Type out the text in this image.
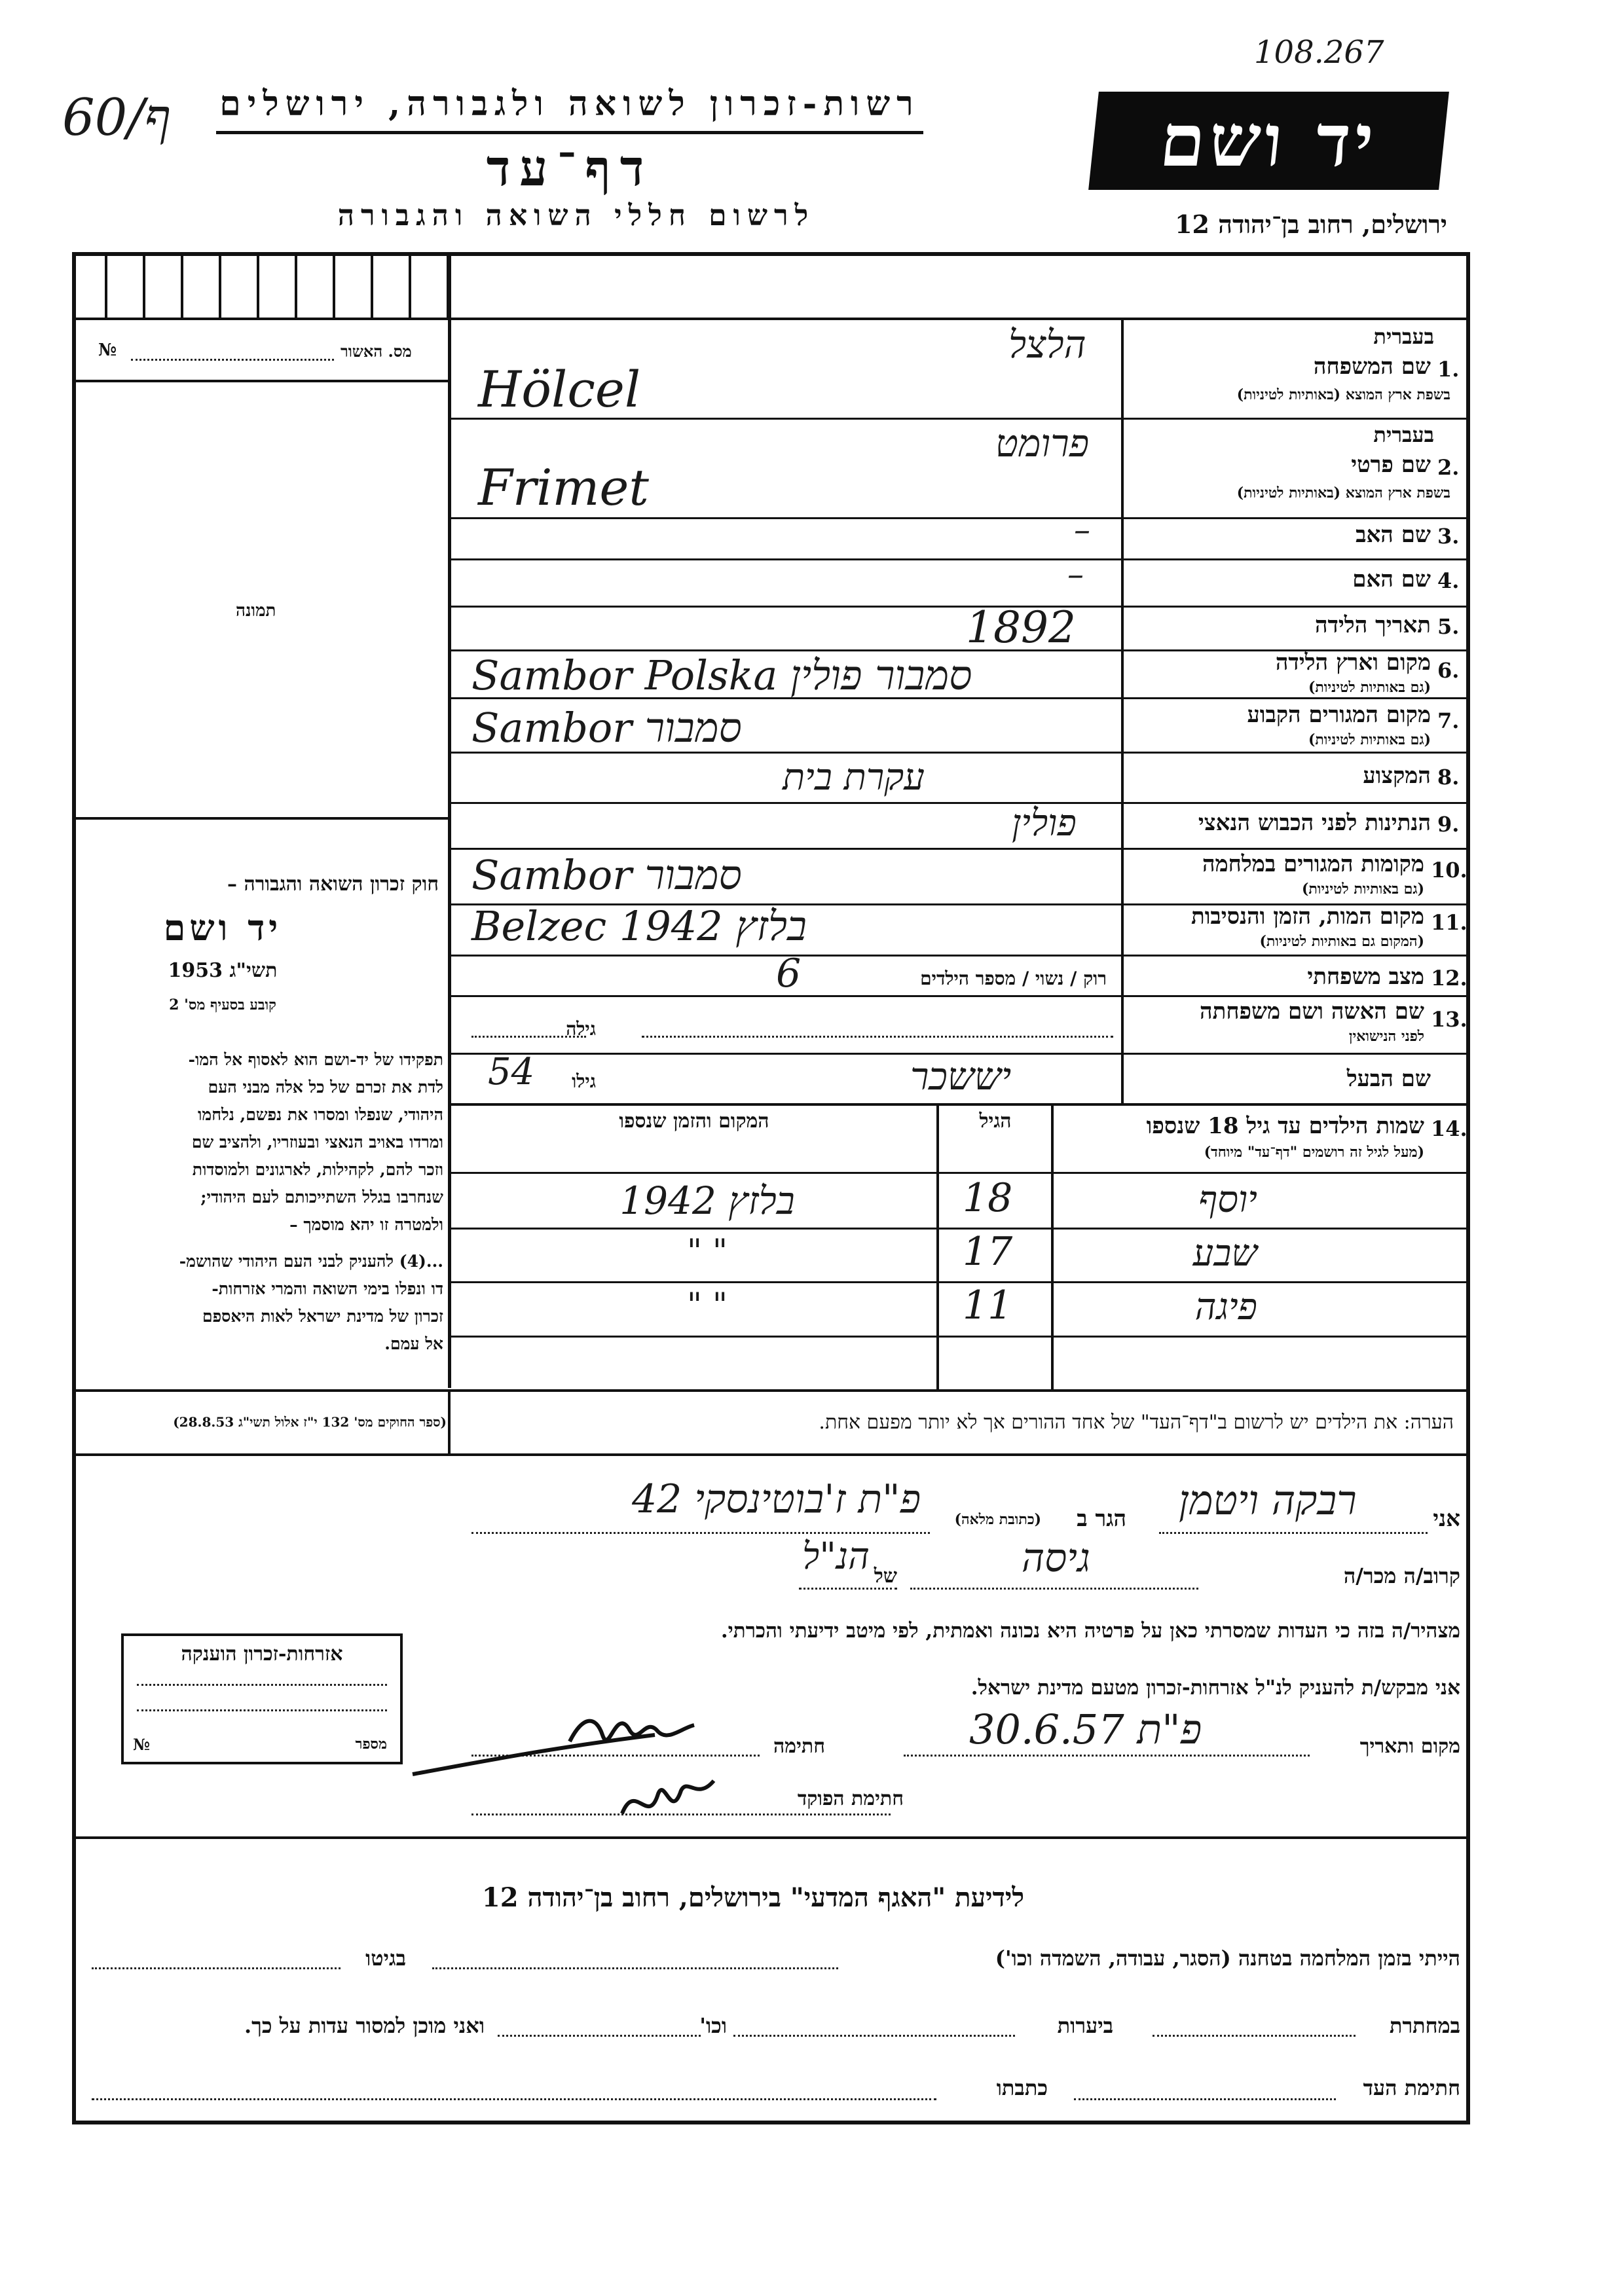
108.267
60/ף רשות-זכרון לשואה ולגבורה, ירושלים
דף־עד
לרשום חללי השואה והגבורה
יד ושם
ירושלים, רחוב בן־יהודה 12
מס. האשור
№
תמונה
חוק זכרון השואה והגבורה –
יד ושם
תשי"ג 1953
קובע בסעיף מס' 2
תפקידו של יד-ושם הוא לאסוף אל המו-
לדת את זכרם של כל אלה מבני העם
היהודי, שנפלו ומסרו את נפשם, נלחמו
ומרדו באויב הנאצי ובעוזריו, ולהציב שם
וזכר להם, לקהילות, לארגונים ולמוסדות
שנחרבו בגלל השתייכותם לעם היהודי;
ולמטרה זו יהא מוסמך –
...(4) להעניק לבני העם היהודי שהושמ-
דו ונפלו בימי השואה והמרי אזרחות-
זכרון של מדינת ישראל לאות היאספם
אל עמם.
(ספר החוקים מס' 132 י"ז אלול תשי"ג 28.8.53)
בעברית
1.
שם המשפחה
בשפת ארץ המוצא (באותיות לטיניות)
הלצל
Hölcel
בעברית
2.
שם פרטי
בשפת ארץ המוצא (באותיות לטיניות)
פרומט
Frimet
3.
שם האב
–
4.
שם האם
–
5.
תאריך הלידה
1892
6.
מקום וארץ הלידה
(גם באותיות לטיניות)
Sambor Polska סמבור פולין
7.
מקום המגורים הקבוע
(גם באותיות לטיניות)
Sambor סמבור
8.
המקצוע
עקרת בית
9.
הנתינות לפני הכבוש הנאצי
פולין
10.
מקומות המגורים במלחמה
(גם באותיות לטיניות)
Sambor סמבור
11.
מקום המות, הזמן והנסיבות
(המקום גם באותיות לטיניות)
Belzec 1942 בלזץ
12.
מצב משפחתי
רוק / נשוי / מספר הילדים
6
13.
שם האשה ושם משפחתה
לפני הנישואין
גילה
שם הבעל
גילו
54	יששכר
14.
שמות הילדים עד גיל 18 שנספו
(מעל לגיל זה רושמים "דף־עד" מיוחד)
הגיל
המקום והזמן שנספו
יוסף
18
בלזץ 1942
שבע
17
" "
פיגה
11
" "
הערה: את הילדים יש לרשום ב"דף־העד" של אחד ההורים אך לא יותר מפעם אחת.
אני
רבקה ויטמן
הגר ב
(כתובת מלאה)
פ"ת ז'בוטינסקי 42
קרוב/ה מכר/ה
גיסה
של
הנ"ל
מצהיר/ה בזה כי העדות שמסרתי כאן על פרטיה היא נכונה ואמתית, לפי מיטב ידיעתי והכרתי.
אני מבקש/ת להעניק לנ"ל אזרחות-זכרון מטעם מדינת ישראל.
מקום ותאריך
פ"ת 30.6.57
חתימה
חתימת הפוקד
אזרחות-זכרון הוענקה
מספר
№
לידיעת "האגף המדעי" בירושלים, רחוב בן־יהודה 12
הייתי בזמן המלחמה בטחנה (הסגר, עבודה, השמדה וכו')
בגיטו
במחתרת
ביערות
וכו'
ואני מוכן למסור עדות על כך.
חתימת העד
כתבתו
